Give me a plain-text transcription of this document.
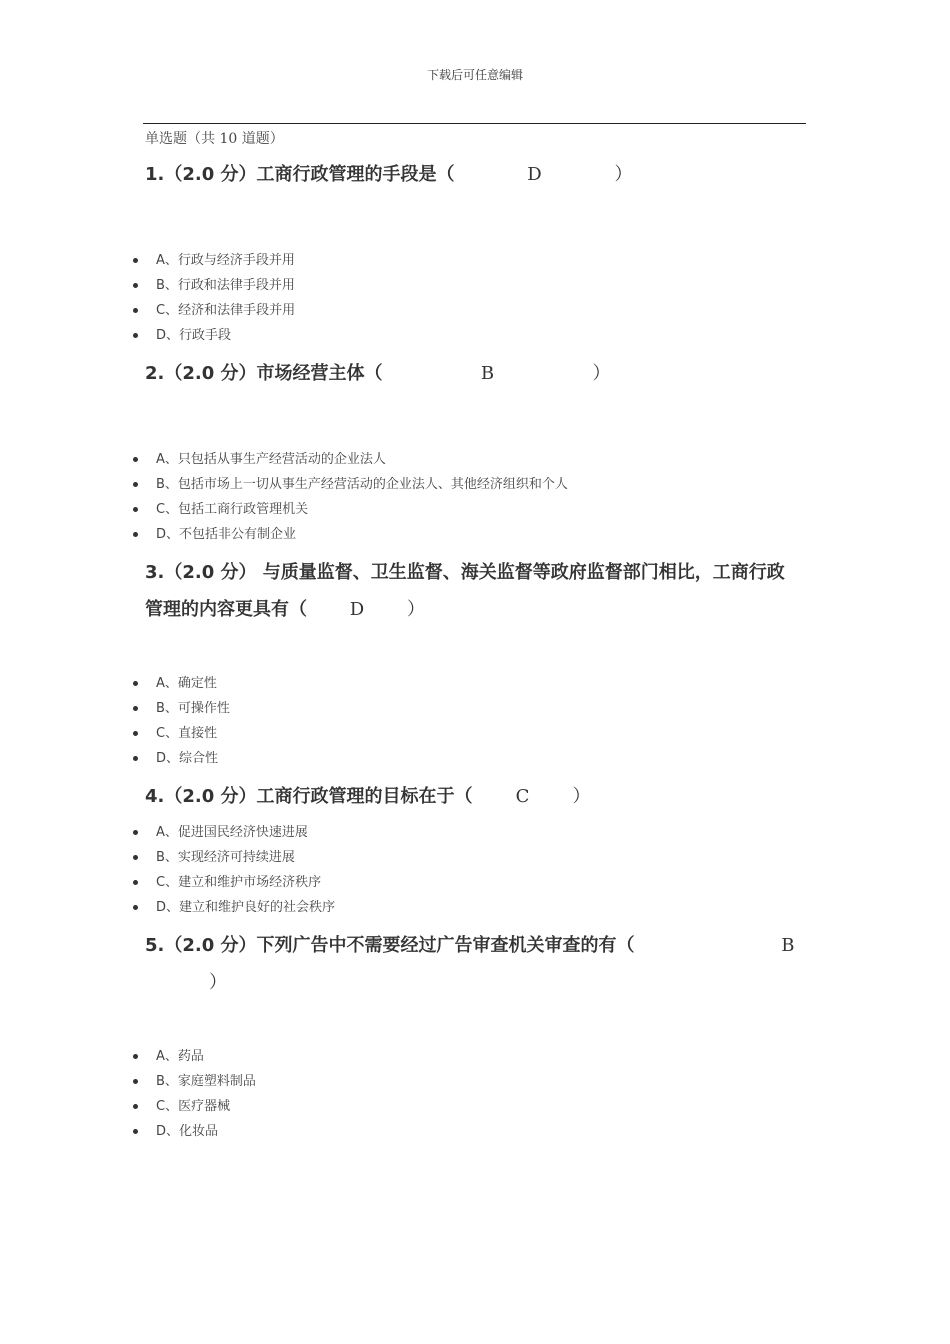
下载后可任意编辑
单选题（共 10 道题）
1.（2.0 分）工商行政管理的手段是（	D	）
A、行政与经济手段并用
B、行政和法律手段并用
C、经济和法律手段并用
D、行政手段
2.（2.0 分）市场经营主体（	B	）
A、只包括从事生产经营活动的企业法人
B、包括市场上一切从事生产经营活动的企业法人、其他经济组织和个人
C、包括工商行政管理机关
D、不包括非公有制企业
3.（2.0 分） 与质量监督、卫生监督、海关监督等政府监督部门相比，工商行政管理的内容更具有（ D ）
A、确定性
B、可操作性
C、直接性
D、综合性
4.（2.0 分）工商行政管理的目标在于（ C ）
A、促进国民经济快速进展
B、实现经济可持续进展
C、建立和维护市场经济秩序
D、建立和维护良好的社会秩序
5.（2.0 分）下列广告中不需要经过广告审查机关审查的有（	B
）
A、药品
B、家庭塑料制品
C、医疗器械
D、化妆品
